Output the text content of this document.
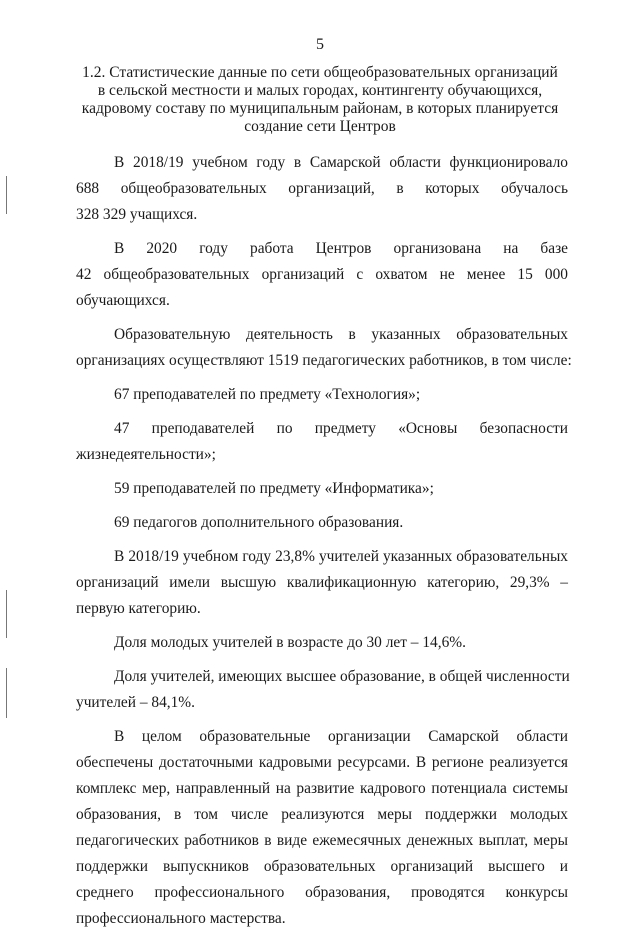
5
1.2. Статистические данные по сети общеобразовательных организаций
в сельской местности и малых городах, контингенту обучающихся,
кадровому составу по муниципальным районам, в которых планируется
создание сети Центров
В 2018/19 учебном году в Самарской области функционировало
688 общеобразовательных организаций, в которых обучалось
328 329 учащихся.
В 2020 году работа Центров организована на базе
42 общеобразовательных организаций с охватом не менее 15 000
обучающихся.
Образовательную деятельность в указанных образовательных
организациях осуществляют 1519 педагогических работников, в том числе:
67 преподавателей по предмету «Технология»;
47 преподавателей по предмету «Основы безопасности
жизнедеятельности»;
59 преподавателей по предмету «Информатика»;
69 педагогов дополнительного образования.
В 2018/19 учебном году 23,8% учителей указанных образовательных
организаций имели высшую квалификационную категорию, 29,3% –
первую категорию.
Доля молодых учителей в возрасте до 30 лет – 14,6%.
Доля учителей, имеющих высшее образование, в общей численности
учителей – 84,1%.
В целом образовательные организации Самарской области
обеспечены достаточными кадровыми ресурсами. В регионе реализуется
комплекс мер, направленный на развитие кадрового потенциала системы
образования, в том числе реализуются меры поддержки молодых
педагогических работников в виде ежемесячных денежных выплат, меры
поддержки выпускников образовательных организаций высшего и
среднего профессионального образования, проводятся конкурсы
профессионального мастерства.
